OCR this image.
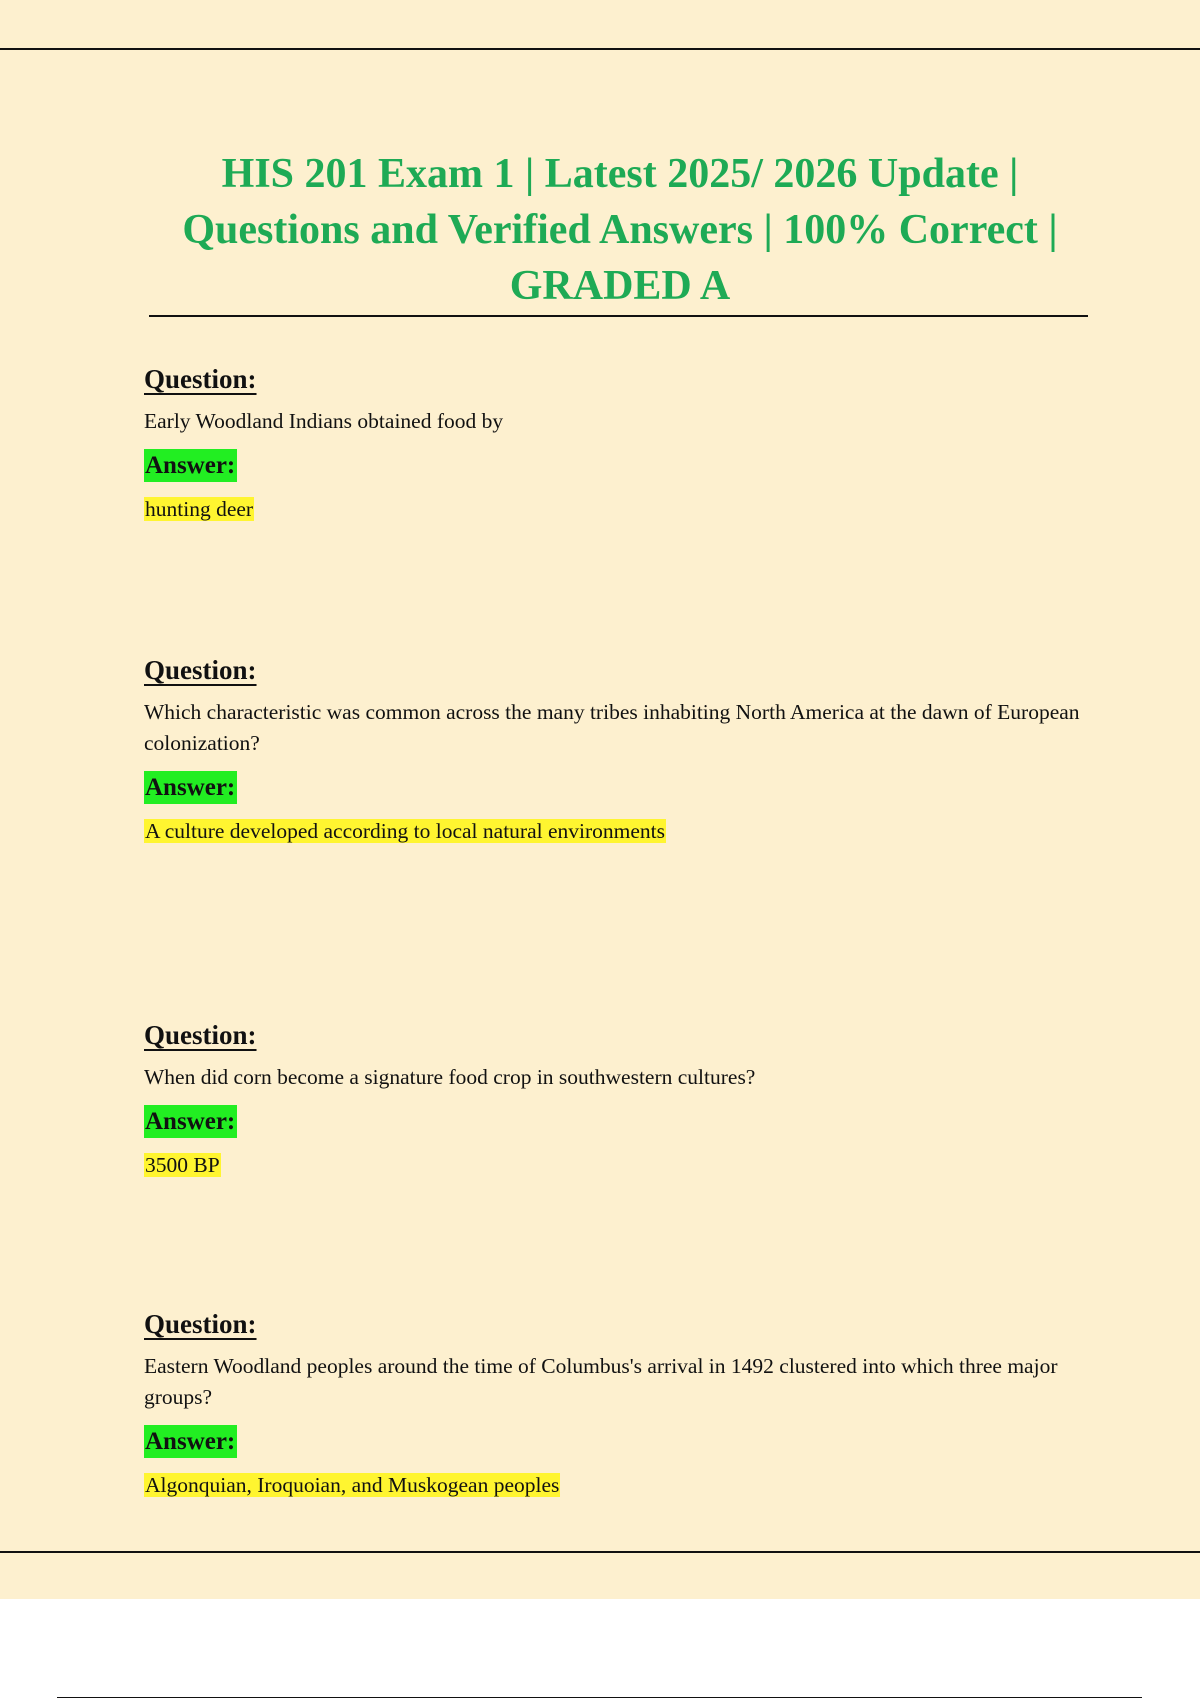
HIS 201 Exam 1 | Latest 2025/ 2026 Update | Questions and Verified Answers | 100% Correct | GRADED A
Question:
Early Woodland Indians obtained food by
Answer:
hunting deer
Question:
Which characteristic was common across the many tribes inhabiting North America at the dawn of European colonization?
Answer:
A culture developed according to local natural environments
Question:
When did corn become a signature food crop in southwestern cultures?
Answer:
3500 BP
Question:
Eastern Woodland peoples around the time of Columbus's arrival in 1492 clustered into which three major groups?
Answer:
Algonquian, Iroquoian, and Muskogean peoples
